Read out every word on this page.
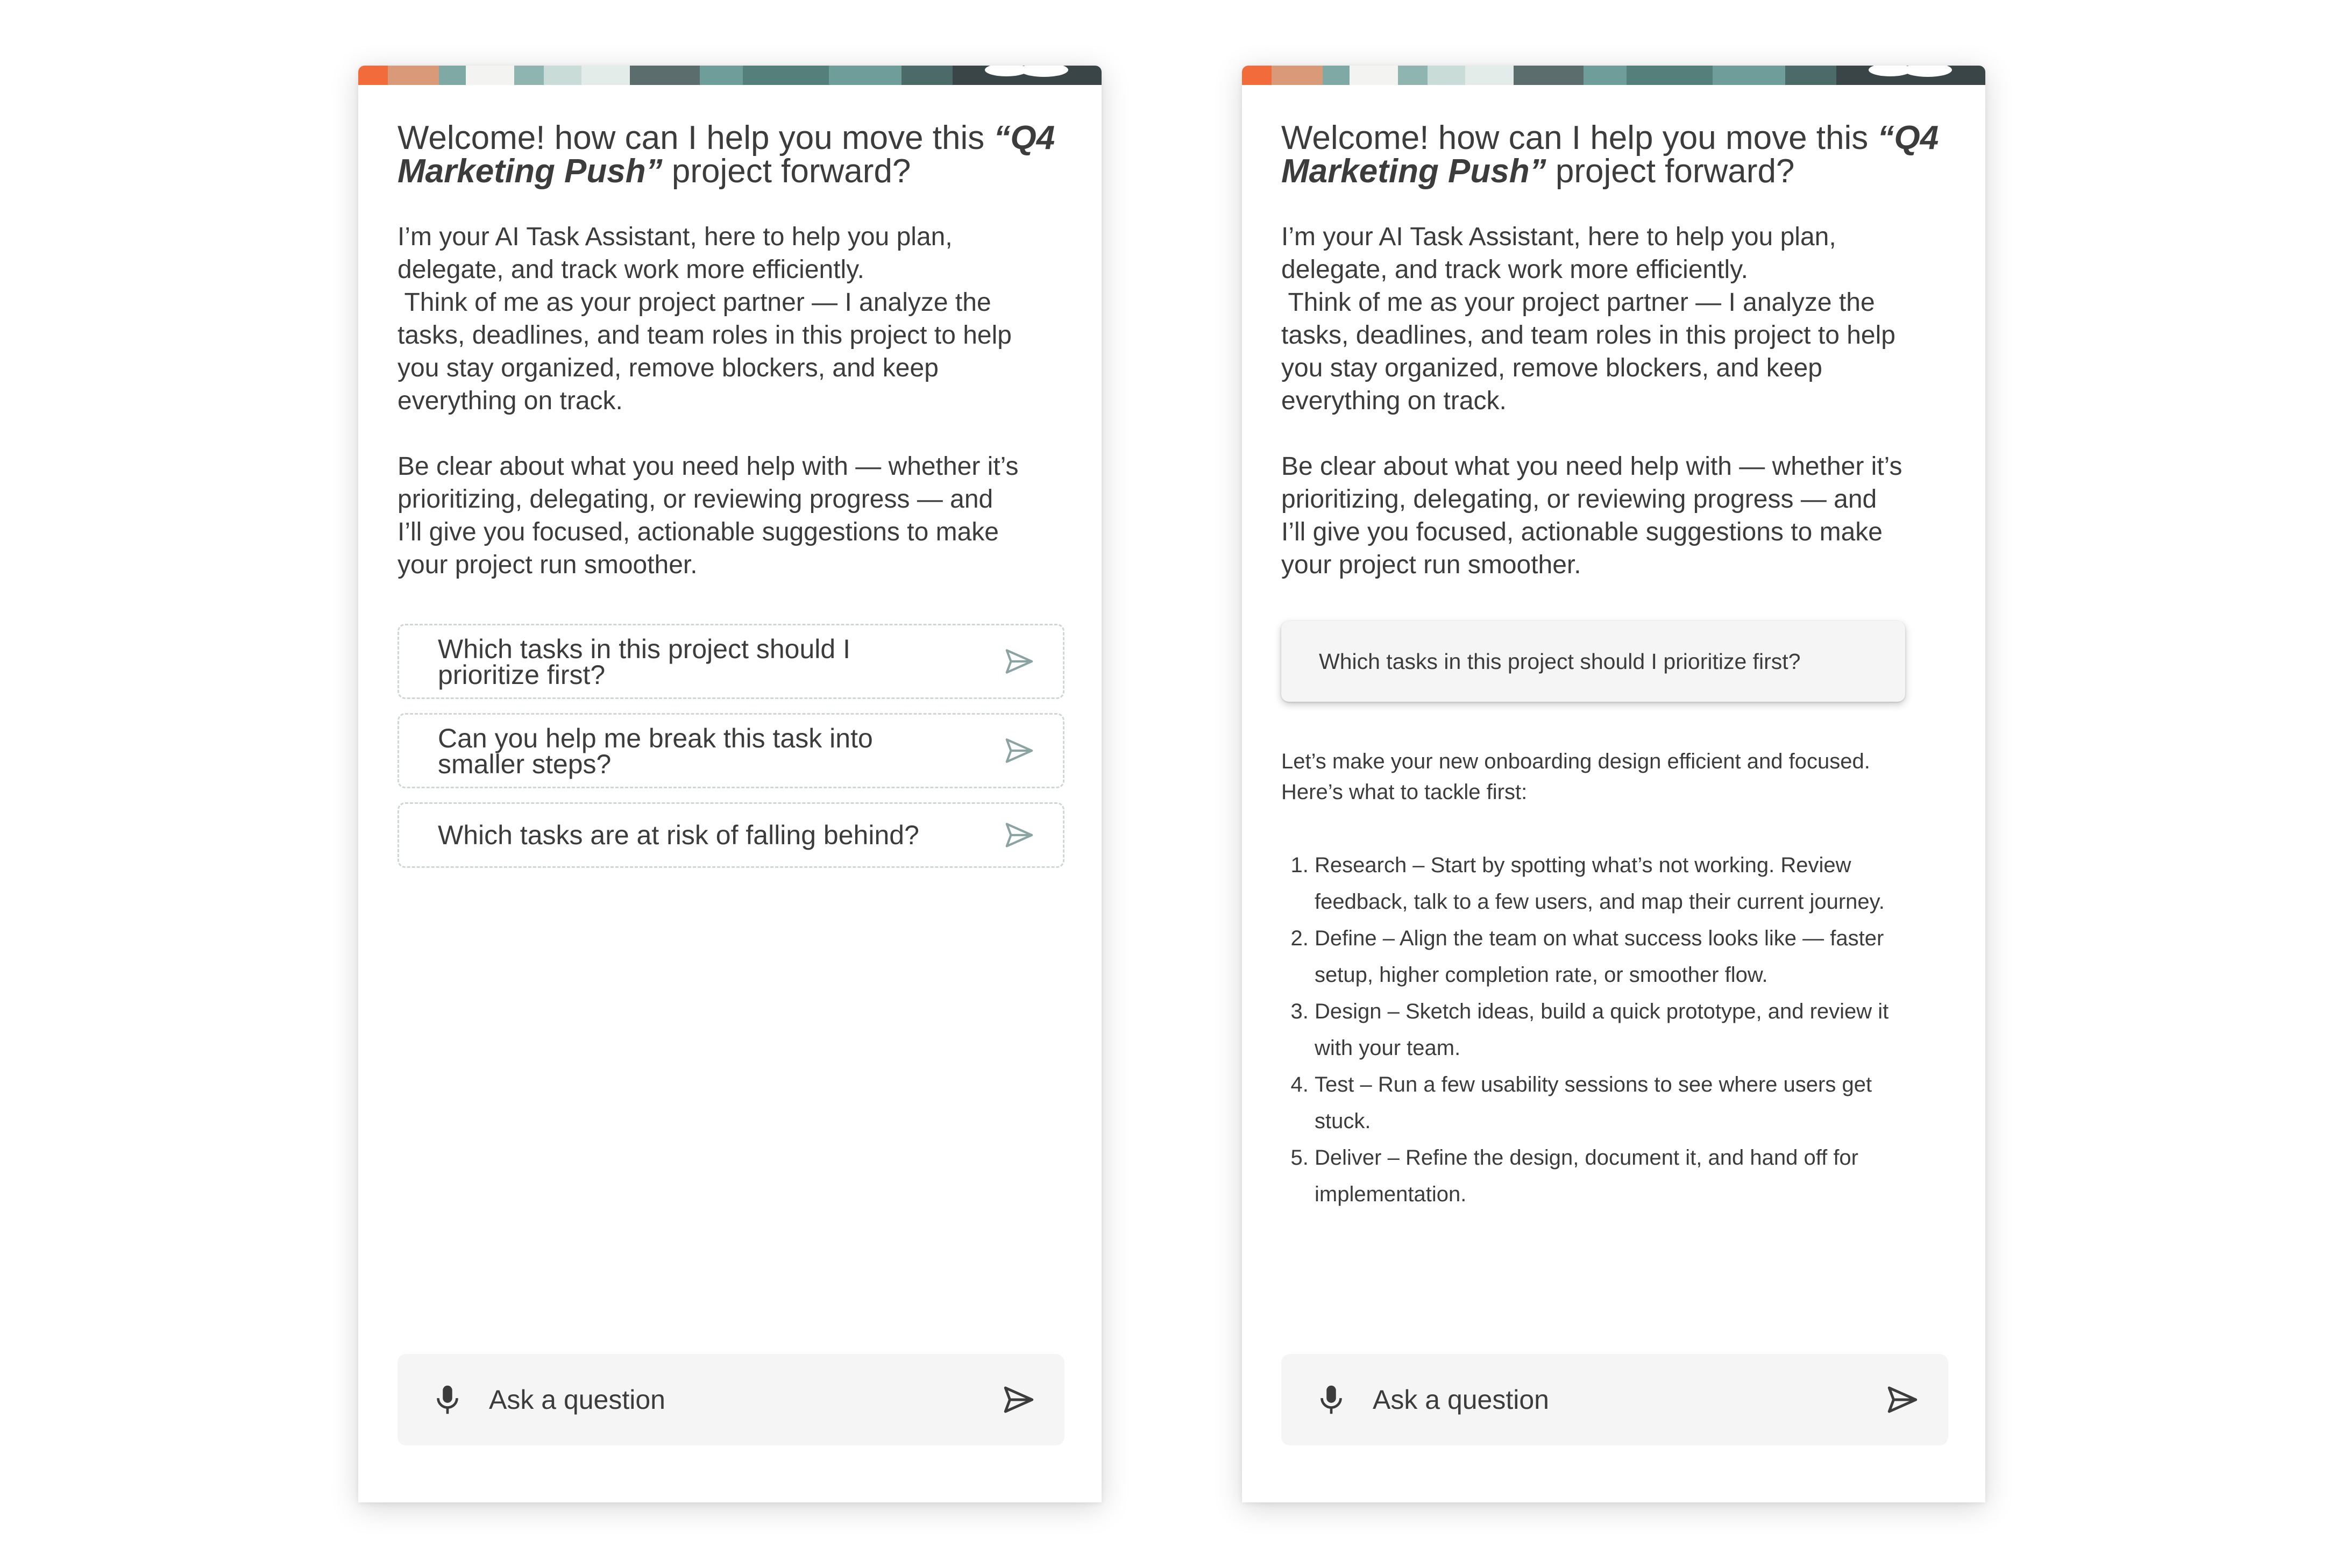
Welcome! how can I help you move this “Q4 Marketing Push” project forward?

I’m your AI Task Assistant, here to help you plan,
delegate, and track work more efficiently.
Think of me as your project partner — I analyze the
tasks, deadlines, and team roles in this project to help
you stay organized, remove blockers, and keep
everything on track.

Be clear about what you need help with — whether it’s
prioritizing, delegating, or reviewing progress — and
I’ll give you focused, actionable suggestions to make
your project run smoother.

Which tasks in this project should I
prioritize first?
Can you help me break this task into
smaller steps?
Which tasks are at risk of falling behind?
Ask a question
Welcome! how can I help you move this “Q4 Marketing Push” project forward?

I’m your AI Task Assistant, here to help you plan,
delegate, and track work more efficiently.
Think of me as your project partner — I analyze the
tasks, deadlines, and team roles in this project to help
you stay organized, remove blockers, and keep
everything on track.

Be clear about what you need help with — whether it’s
prioritizing, delegating, or reviewing progress — and
I’ll give you focused, actionable suggestions to make
your project run smoother.

Which tasks in this project should I prioritize first?
Let’s make your new onboarding design efficient and focused.
Here’s what to tackle first:
1. Research – Start by spotting what’s not working. Review
feedback, talk to a few users, and map their current journey.
2. Define – Align the team on what success looks like — faster
setup, higher completion rate, or smoother flow.
3. Design – Sketch ideas, build a quick prototype, and review it
with your team.
4. Test – Run a few usability sessions to see where users get
stuck.
5. Deliver – Refine the design, document it, and hand off for
implementation.
Ask a question
